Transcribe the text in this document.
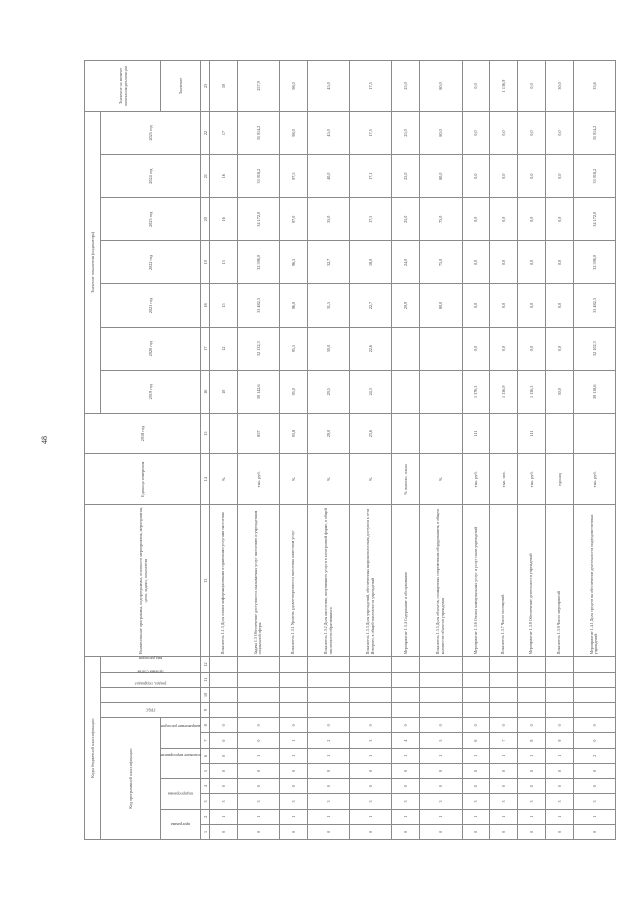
48
Коды бюджетной классификации												Наименование программы, подпрограммы, основного мероприятия, мероприятия, цели, задачи, показателя	Единица измерения	2018 год	Значение показателя (индикатора)							Значение на момент окончания реализации
Код программной классификации								ГРБС	раздел, подраздел	целевая статья	вид расходов				2019 год	2020 год	2021 год	2022 год	2023 год	2024 год	2025 год	
программа		подпрограмма		основное мероприятие		направление расходов																Значение
1	2	3	4	5	6	7	8	9	10	11	12	13	14	15	16	17	18	19	20	21	22	23
0	1	3	0	0	0	0	0					Показатель 1.1.3 Доля охвата информационными и правовыми услугами населения	%		10	12	15	13	16	16	17	50
0	1	3	0	0	1	0	0					Задача 1.3 Обеспечение доступности оказываемых услуг населению и учреждениям социальной сферы	тыс. руб.	857	30 142,6	32 132,3	33 482,3	32 596,0	34 172,0	33 018,2	35 014,2	257,9
0	1	3	0	0	1	1	0					Показатель 1.3.1 Уровень удовлетворенности населения качеством услуг	%	93,8	95,0	95,5	96,0	96,5	97,0	97,5	98,0	98,0
0	1	3	0	0	1	2	0					Показатель 1.3.2 Доля населения, получившего услуги в электронной форме, в общей численности обратившихся	%	29,0	29,5	30,0	31,5	32,7	35,0	40,0	45,0	45,0
0	1	3	0	0	1	3	0					Показатель 1.3.3 Доля учреждений, обеспеченных широкополосным доступом к сети Интернет, в общей численности учреждений	%	23,6	24,3	22,6	22,7	18,0	17,5	17,1	17,5	17,5
0	1	3	0	0	1	4	0					Мероприятие 1.3.4 Содержание и обслуживание	% выполн. плана				20,9	24,0	25,0	25,0	25,0	25,0
0	1	3	0	0	1	5	0					Показатель 1.3.5 Доля объектов, оснащенных современным оборудованием, в общем количестве объектов учреждения	%				80,0	75,0	75,0	80,0	80,0	80,0
0	1	3	0	0	1	6	0					Мероприятие 1.3.6 Оплата коммунальных услуг и услуг связи учреждений	тыс. руб.	111	1 376,3	0,0	0,0	0,0	0,0	0,0	0,0	0,0
0	1	3	0	0	1	7	0					Показатель 1.3.7 Число посещений	тыс. чел.		1 136,9	0,0	0,0	0,0	0,0	0,0	0,0	1 136,9
0	1	3	0	0	1	8	0					Мероприятие 1.3.8 Обеспечение деятельности учреждений	тыс. руб.	111	1 136,3	0,0	0,0	0,0	0,0	0,0	0,0	0,0
0	1	3	0	0	1	9	0					Показатель 1.3.9 Число мероприятий	единиц		30,0	0,0	0,0	0,0	0,0	0,0	0,0	30,0
0	1	3	0	0	2	0	0					Мероприятие 1.4.1 Доля средств на обеспечение деятельности подведомственных учреждений	тыс. руб.		30 118,6	32 102,3	33 482,3	32 596,0	34 172,0	33 018,2	35 014,2	33,6
